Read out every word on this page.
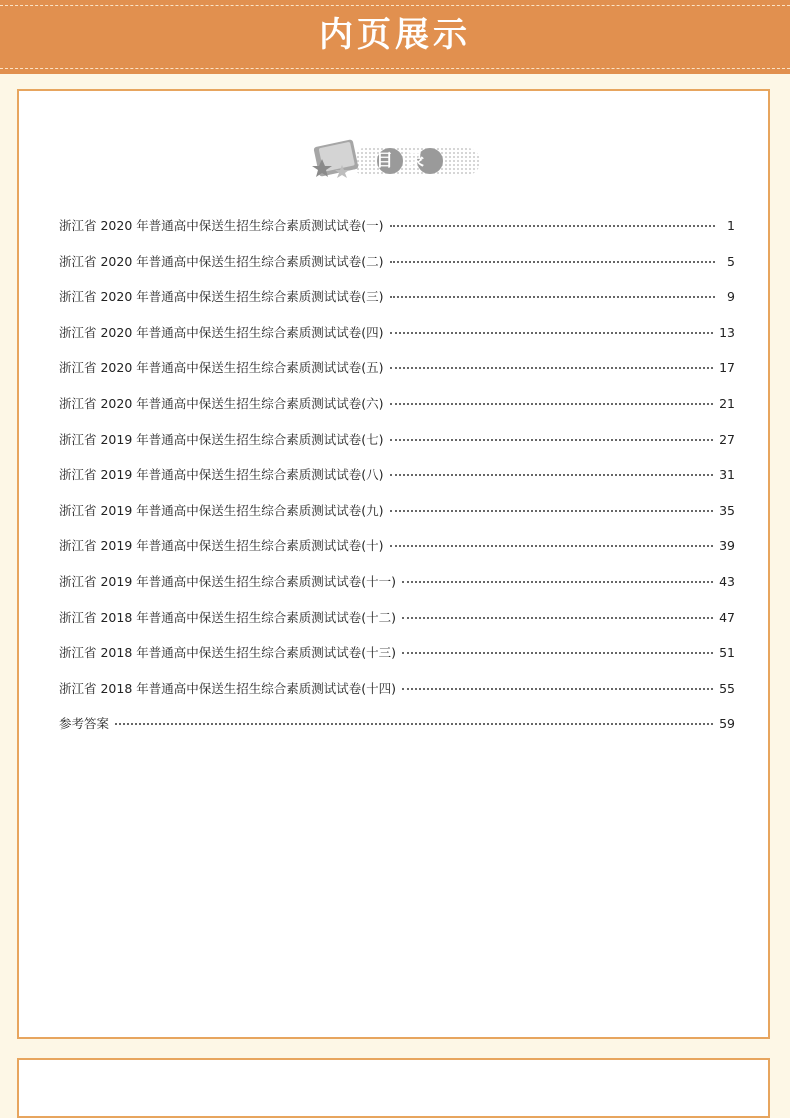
内页展示
目录
浙江省 2020 年普通高中保送生招生综合素质测试试卷(一)	1
浙江省 2020 年普通高中保送生招生综合素质测试试卷(二)	5
浙江省 2020 年普通高中保送生招生综合素质测试试卷(三)	9
浙江省 2020 年普通高中保送生招生综合素质测试试卷(四)	13
浙江省 2020 年普通高中保送生招生综合素质测试试卷(五)	17
浙江省 2020 年普通高中保送生招生综合素质测试试卷(六)	21
浙江省 2019 年普通高中保送生招生综合素质测试试卷(七)	27
浙江省 2019 年普通高中保送生招生综合素质测试试卷(八)	31
浙江省 2019 年普通高中保送生招生综合素质测试试卷(九)	35
浙江省 2019 年普通高中保送生招生综合素质测试试卷(十)	39
浙江省 2019 年普通高中保送生招生综合素质测试试卷(十一)	43
浙江省 2018 年普通高中保送生招生综合素质测试试卷(十二)	47
浙江省 2018 年普通高中保送生招生综合素质测试试卷(十三)	51
浙江省 2018 年普通高中保送生招生综合素质测试试卷(十四)	55
参考答案	59
